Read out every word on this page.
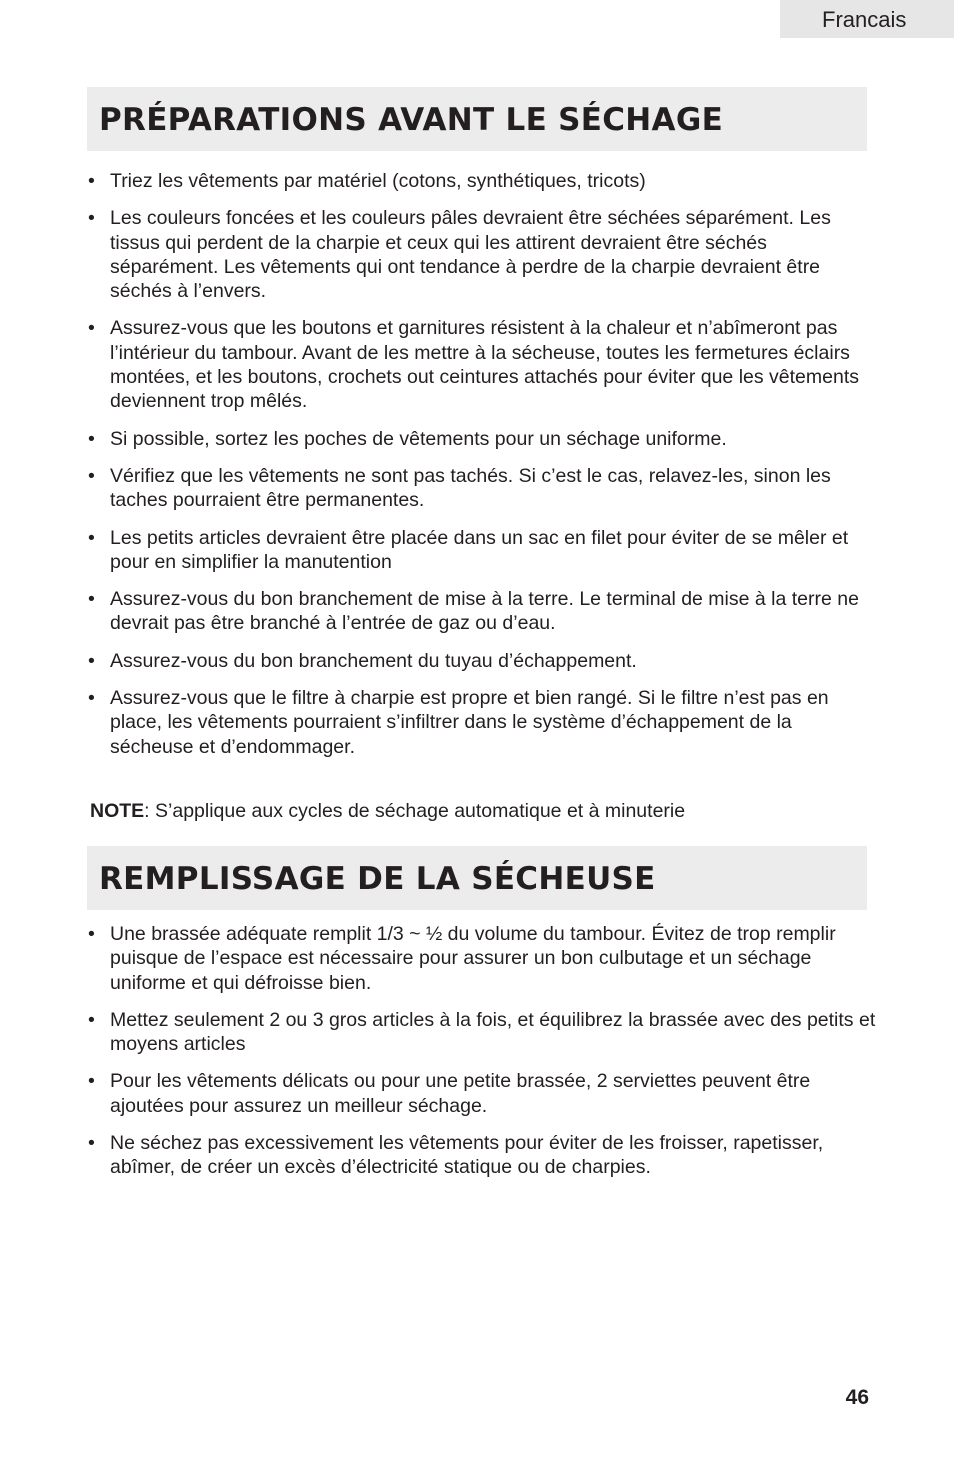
Francais
PRÉPARATIONS AVANT LE SÉCHAGE
• Triez les vêtements par matériel (cotons, synthétiques, tricots)
• Les couleurs foncées et les couleurs pâles devraient être séchées séparément. Les tissus qui perdent de la charpie et ceux qui les attirent devraient être séchés séparément. Les vêtements qui ont tendance à perdre de la charpie devraient être séchés à l’envers.
• Assurez-vous que les boutons et garnitures résistent à la chaleur et n’abîmeront pas l’intérieur du tambour. Avant de les mettre à la sécheuse, toutes les fermetures éclairs montées, et les boutons, crochets out ceintures attachés pour éviter que les vêtements deviennent trop mêlés.
• Si possible, sortez les poches de vêtements pour un séchage uniforme.
• Vérifiez que les vêtements ne sont pas tachés. Si c’est le cas, relavez-les, sinon les taches pourraient être permanentes.
• Les petits articles devraient être placée dans un sac en filet pour éviter de se mêler et pour en simplifier la manutention
• Assurez-vous du bon branchement de mise à la terre. Le terminal de mise à la terre ne devrait pas être branché à l’entrée de gaz ou d’eau.
• Assurez-vous du bon branchement du tuyau d’échappement.
• Assurez-vous que le filtre à charpie est propre et bien rangé. Si le filtre n’est pas en place, les vêtements pourraient s’infiltrer dans le système d’échappement de la sécheuse et d’endommager.
NOTE: S’applique aux cycles de séchage automatique et à minuterie
REMPLISSAGE DE LA SÉCHEUSE
• Une brassée adéquate remplit 1/3 ~ ½ du volume du tambour. Évitez de trop remplir puisque de l’espace est nécessaire pour assurer un bon culbutage et un séchage uniforme et qui défroisse bien.
• Mettez seulement 2 ou 3 gros articles à la fois, et équilibrez la brassée avec des petits et moyens articles
• Pour les vêtements délicats ou pour une petite brassée, 2 serviettes peuvent être ajoutées pour assurez un meilleur séchage.
• Ne séchez pas excessivement les vêtements pour éviter de les froisser, rapetisser, abîmer, de créer un excès d’électricité statique ou de charpies.
46
